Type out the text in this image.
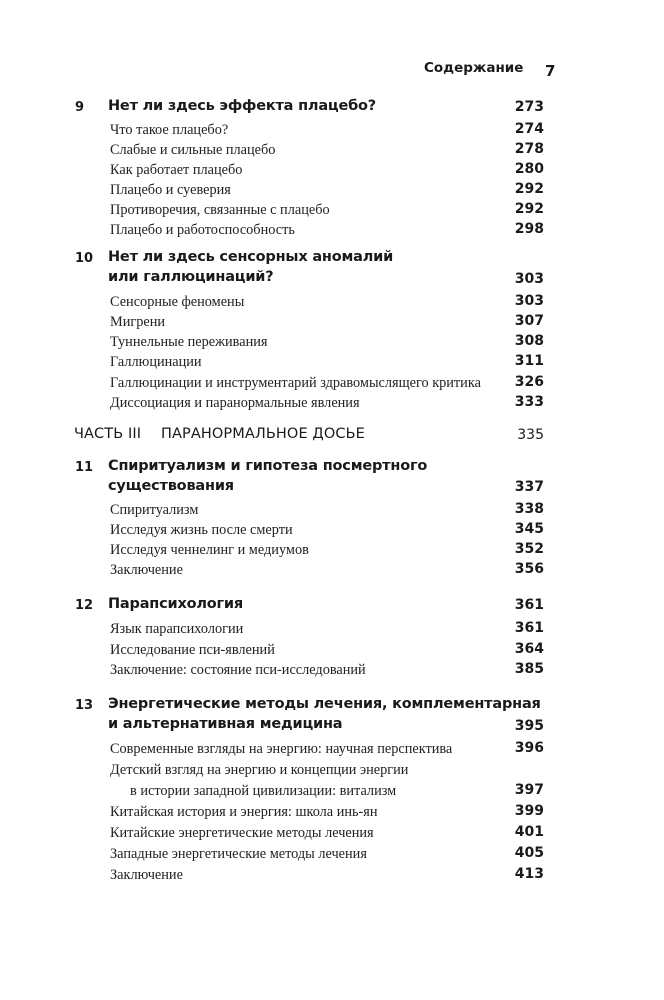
Содержание 7
9 Нет ли здесь эффекта плацебо?	273
Что такое плацебо?	274
Слабые и сильные плацебо	278
Как работает плацебо	280
Плацебо и суеверия	292
Противоречия, связанные с плацебо	292
Плацебо и работоспособность	298
10 Нет ли здесь сенсорных аномалий
или галлюцинаций?	303
Сенсорные феномены	303
Мигрени	307
Туннельные переживания	308
Галлюцинации	311
Галлюцинации и инструментарий здравомыслящего критика 326
Диссоциация и паранормальные явления	333
ЧАСТЬ III ПАРАНОРМАЛЬНОЕ ДОСЬЕ	335
11 Спиритуализм и гипотеза посмертного
существования	337
Спиритуализм	338
Исследуя жизнь после смерти	345
Исследуя ченнелинг и медиумов	352
Заключение	356
12 Парапсихология	361
Язык парапсихологии	361
Исследование пси-явлений	364
Заключение: состояние пси-исследований	385
13 Энергетические методы лечения, комплементарная
и альтернативная медицина	395
Современные взгляды на энергию: научная перспектива	396
Детский взгляд на энергию и концепции энергии
в истории западной цивилизации: витализм	397
Китайская история и энергия: школа инь-ян	399
Китайские энергетические методы лечения	401
Западные энергетические методы лечения	405
Заключение	413
